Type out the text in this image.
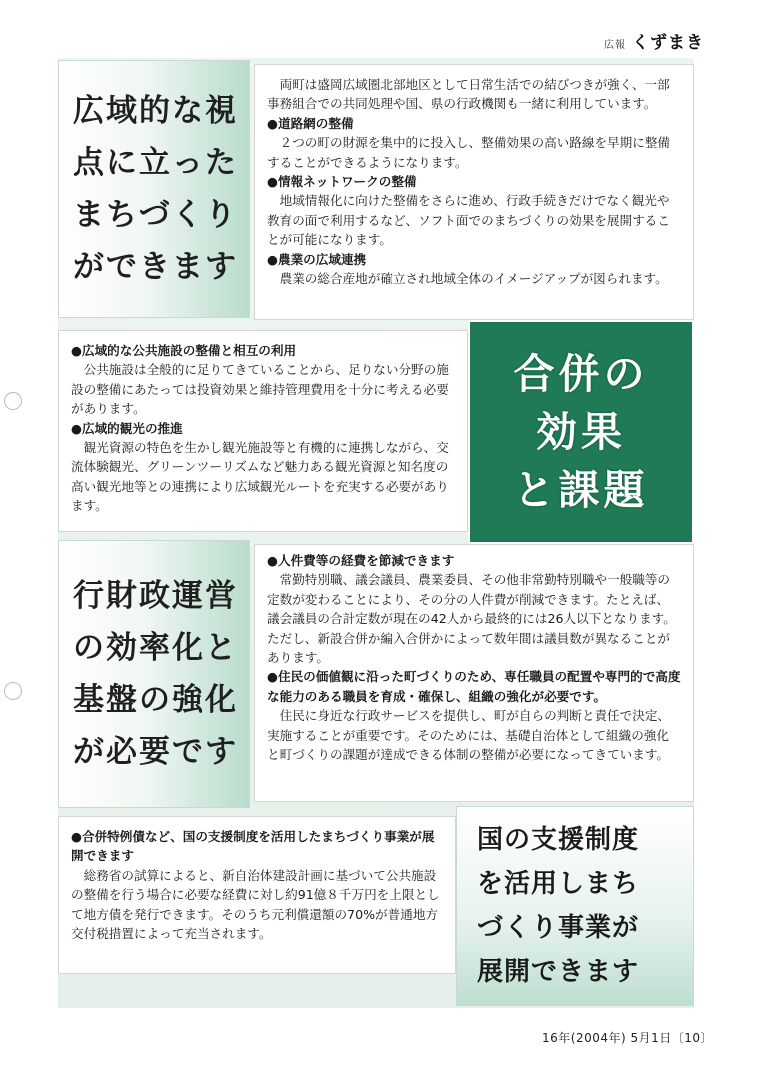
広報 くずまき
広域的な視
点に立った
まちづくり
ができます

両町は盛岡広域圏北部地区として日常生活での結びつきが強く、一部事務組合での共同処理や国、県の行政機関も一緒に利用しています。

●道路網の整備

２つの町の財源を集中的に投入し、整備効果の高い路線を早期に整備することができるようになります。

●情報ネットワークの整備

地域情報化に向けた整備をさらに進め、行政手続きだけでなく観光や教育の面で利用するなど、ソフト面でのまちづくりの効果を展開することが可能になります。

●農業の広域連携

農業の総合産地が確立され地域全体のイメージアップが図られます。

●広域的な公共施設の整備と相互の利用

公共施設は全般的に足りてきていることから、足りない分野の施設の整備にあたっては投資効果と維持管理費用を十分に考える必要があります。

●広域的観光の推進

観光資源の特色を生かし観光施設等と有機的に連携しながら、交流体験観光、グリーンツーリズムなど魅力ある観光資源と知名度の高い観光地等との連携により広域観光ルートを充実する必要があります。

合併の
効果
と課題
行財政運営
の効率化と
基盤の強化
が必要です

●人件費等の経費を節減できます

常勤特別職、議会議員、農業委員、その他非常勤特別職や一般職等の定数が変わることにより、その分の人件費が削減できます。たとえば、議会議員の合計定数が現在の42人から最終的には26人以下となります。ただし、新設合併か編入合併かによって数年間は議員数が異なることがあります。

●住民の価値観に沿った町づくりのため、専任職員の配置や専門的で高度な能力のある職員を育成・確保し、組織の強化が必要です。

住民に身近な行政サービスを提供し、町が自らの判断と責任で決定、実施することが重要です。そのためには、基礎自治体として組織の強化と町づくりの課題が達成できる体制の整備が必要になってきています。

●合併特例債など、国の支援制度を活用したまちづくり事業が展開できます

総務省の試算によると、新自治体建設計画に基づいて公共施設の整備を行う場合に必要な経費に対し約91億８千万円を上限として地方債を発行できます。そのうち元利償還額の70%が普通地方交付税措置によって充当されます。

国の支援制度
を活用しまち
づくり事業が
展開できます
16年(2004年) 5月1日〔10〕
